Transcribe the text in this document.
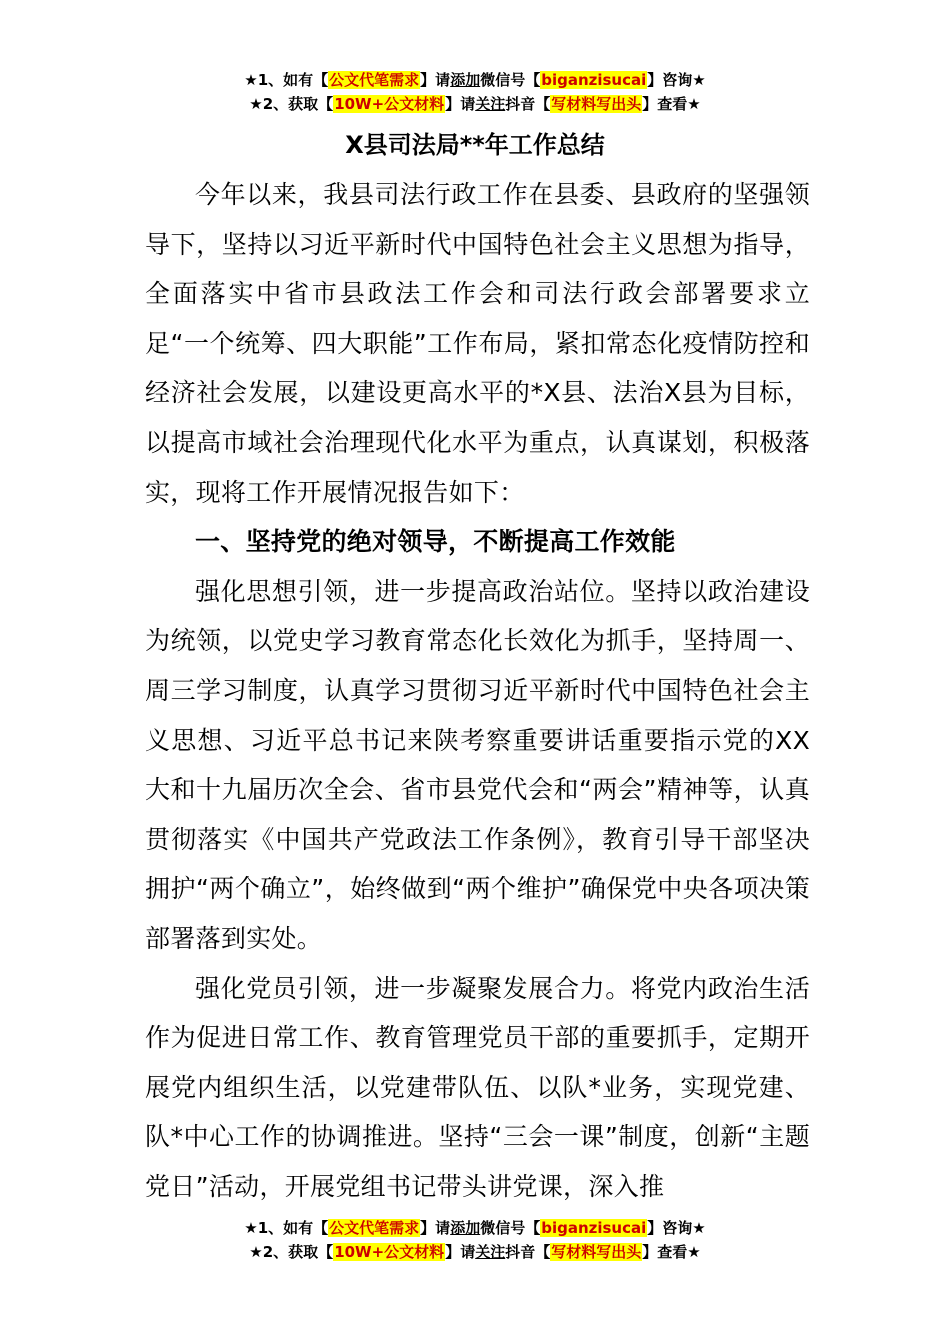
★1、如有【公文代笔需求】请添加微信号【biganzisucai】咨询★
★2、获取【10W+公文材料】请关注抖音【写材料写出头】查看★
X县司法局**年工作总结

今年以来，我县司法行政工作在县委、县政府的坚强领导下，坚持以习近平新时代中国特色社会主义思想为指导，全面落实中省市县政法工作会和司法行政会部署要求立足“一个统筹、四大职能”工作布局，紧扣常态化疫情防控和经济社会发展，以建设更高水平的*X县、法治X县为目标，以提高市域社会治理现代化水平为重点，认真谋划，积极落实，现将工作开展情况报告如下：

一、坚持党的绝对领导，不断提高工作效能

强化思想引领，进一步提高政治站位。坚持以政治建设为统领，以党史学习教育常态化长效化为抓手，坚持周一、周三学习制度，认真学习贯彻习近平新时代中国特色社会主义思想、习近平总书记来陕考察重要讲话重要指示党的XX大和十九届历次全会、省市县党代会和“两会”精神等，认真贯彻落实《中国共产党政法工作条例》，教育引导干部坚决拥护“两个确立”，始终做到“两个维护”确保党中央各项决策部署落到实处。

强化党员引领，进一步凝聚发展合力。将党内政治生活作为促进日常工作、教育管理党员干部的重要抓手，定期开展党内组织生活，以党建带队伍、以队*业务，实现党建、队*中心工作的协调推进。坚持“三会一课”制度，创新“主题党日”活动，开展党组书记带头讲党课，深入推

★1、如有【公文代笔需求】请添加微信号【biganzisucai】咨询★
★2、获取【10W+公文材料】请关注抖音【写材料写出头】查看★
